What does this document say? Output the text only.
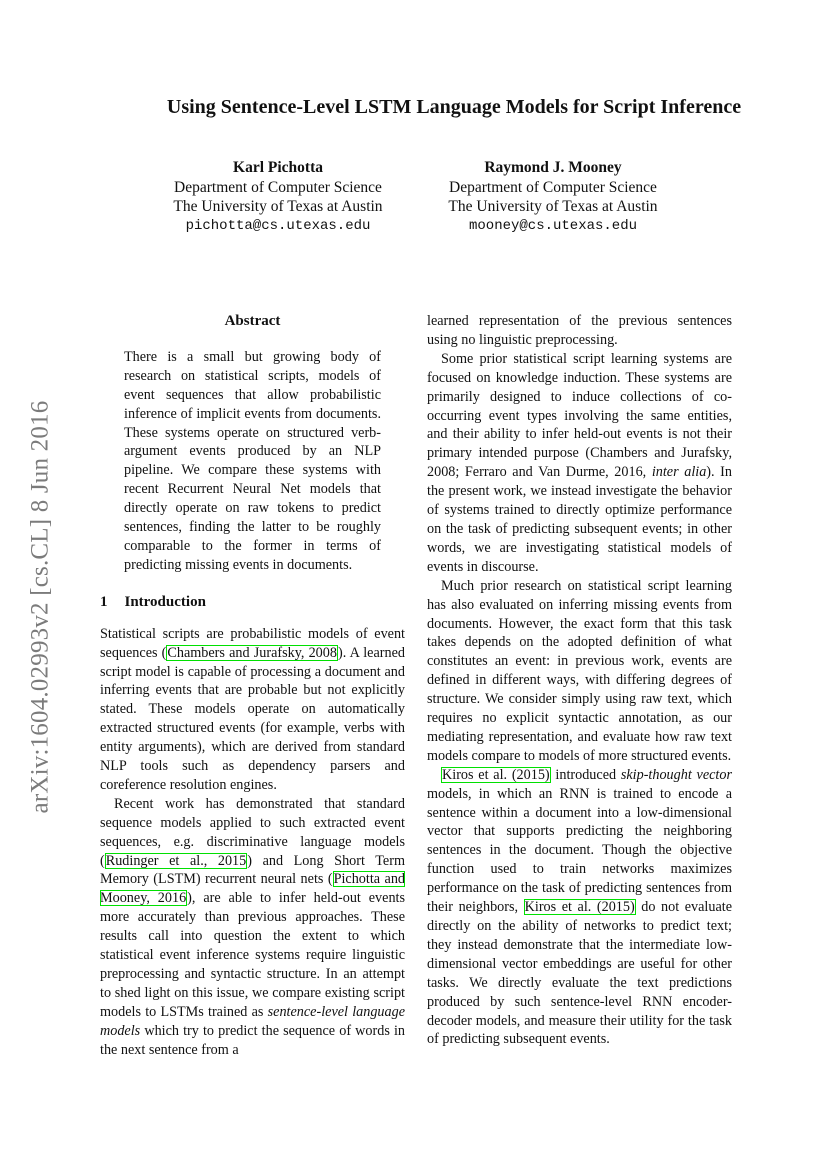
arXiv:1604.02993v2 [cs.CL] 8 Jun 2016
Using Sentence-Level LSTM Language Models for Script Inference
Karl Pichotta
Department of Computer Science
The University of Texas at Austin
pichotta@cs.utexas.edu
Raymond J. Mooney
Department of Computer Science
The University of Texas at Austin
mooney@cs.utexas.edu
Abstract

There is a small but growing body of research on statistical scripts, models of event sequences that allow probabilistic inference of implicit events from documents. These systems operate on structured verb-argument events produced by an NLP pipeline. We compare these systems with recent Recurrent Neural Net models that directly operate on raw tokens to predict sentences, finding the latter to be roughly comparable to the former in terms of predicting missing events in documents.

1 Introduction

Statistical scripts are probabilistic models of event sequences (Chambers and Jurafsky, 2008). A learned script model is capable of processing a document and inferring events that are probable but not explicitly stated. These models operate on automatically extracted structured events (for example, verbs with entity arguments), which are derived from standard NLP tools such as dependency parsers and coreference resolution engines.

Recent work has demonstrated that standard sequence models applied to such extracted event sequences, e.g. discriminative language models (Rudinger et al., 2015) and Long Short Term Memory (LSTM) recurrent neural nets (Pichotta and Mooney, 2016), are able to infer held-out events more accurately than previous approaches. These results call into question the extent to which statistical event inference systems require linguistic preprocessing and syntactic structure. In an attempt to shed light on this issue, we compare existing script models to LSTMs trained as sentence-level language models which try to predict the sequence of words in the next sentence from a

learned representation of the previous sentences using no linguistic preprocessing.

Some prior statistical script learning systems are focused on knowledge induction. These systems are primarily designed to induce collections of co-occurring event types involving the same entities, and their ability to infer held-out events is not their primary intended purpose (Chambers and Jurafsky, 2008; Ferraro and Van Durme, 2016, inter alia). In the present work, we instead investigate the behavior of systems trained to directly optimize performance on the task of predicting subsequent events; in other words, we are investigating statistical models of events in discourse.

Much prior research on statistical script learning has also evaluated on inferring missing events from documents. However, the exact form that this task takes depends on the adopted definition of what constitutes an event: in previous work, events are defined in different ways, with differing degrees of structure. We consider simply using raw text, which requires no explicit syntactic annotation, as our mediating representation, and evaluate how raw text models compare to models of more structured events.

Kiros et al. (2015) introduced skip-thought vector models, in which an RNN is trained to encode a sentence within a document into a low-dimensional vector that supports predicting the neighboring sentences in the document. Though the objective function used to train networks maximizes performance on the task of predicting sentences from their neighbors, Kiros et al. (2015) do not evaluate directly on the ability of networks to predict text; they instead demonstrate that the intermediate low-dimensional vector embeddings are useful for other tasks. We directly evaluate the text predictions produced by such sentence-level RNN encoder-decoder models, and measure their utility for the task of predicting subsequent events.
